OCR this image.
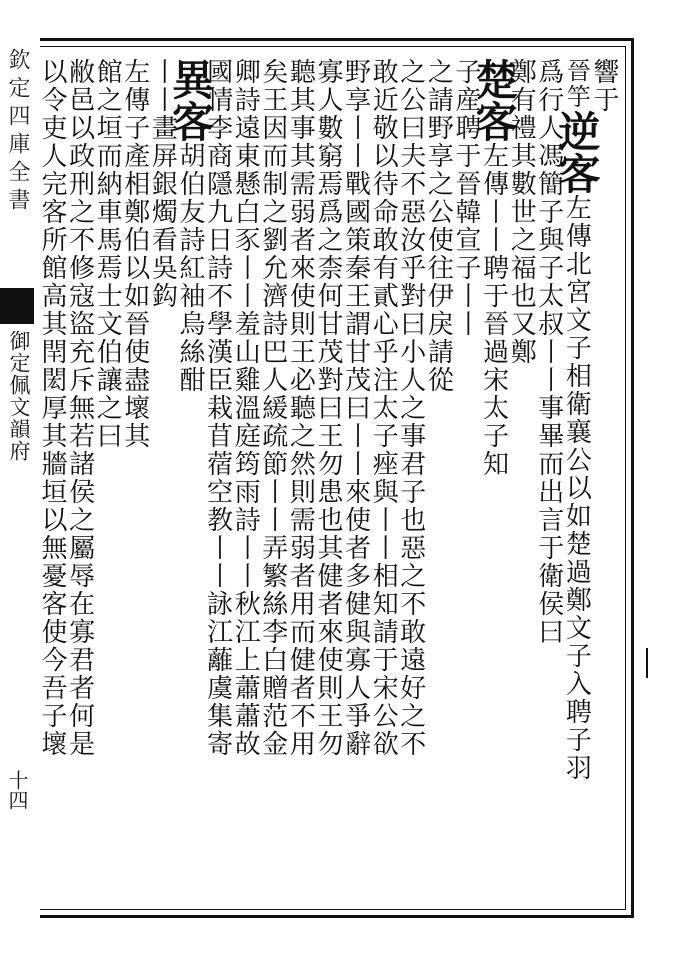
欽定四庫全書
御定佩文韻府
十四
響于
晉竽逆客左傳北宮文子相衛襄公以如楚過鄭文子入聘子羽
爲行人馮簡子與子太叔丨丨事畢而出言于衛侯曰
鄭有禮其數世之福也又鄭
楚客左傳丨丨聘于晉過宋太子知
子産聘于晉韓宣子丨丨
之請野享之公使往伊戾請從
之公曰夫不惡汝乎對曰小人之事君子也惡之不敢遠好之不
敢近敬以待命敢有貳心乎注太子痤與丨丨相知請于宋公欲
野享丨丨戰國策秦王謂甘茂曰丨丨來使者多健與寡人爭辭
寡人數窮焉爲之柰何甘茂對曰王勿患也其健者來使則王勿
聽其事其需弱者來使則王必聽之然則需弱者用而健者不用
矣王因而制之劉允濟詩巴人緩疏節丨丨弄繁絲李白贈范金
卿詩遠東懸白豕丨丨羞山雞溫庭筠雨詩丨丨秋江上蕭蕭故
國情李商隱九日詩不學漢臣栽苜蓿空教丨丨詠江蘺虞集寄
異客胡伯友詩紅袖烏絲酣
丨丨畫屏銀燭看吳鈎
左傳子產相鄭伯以如晉使盡壞其
館之垣而納車馬焉士文伯讓之曰
敝邑以政刑之不修寇盜充斥無若諸侯之屬辱在寡君者何是
以令吏人完客所館高其閈閎厚其牆垣以無憂客使今吾子壞
